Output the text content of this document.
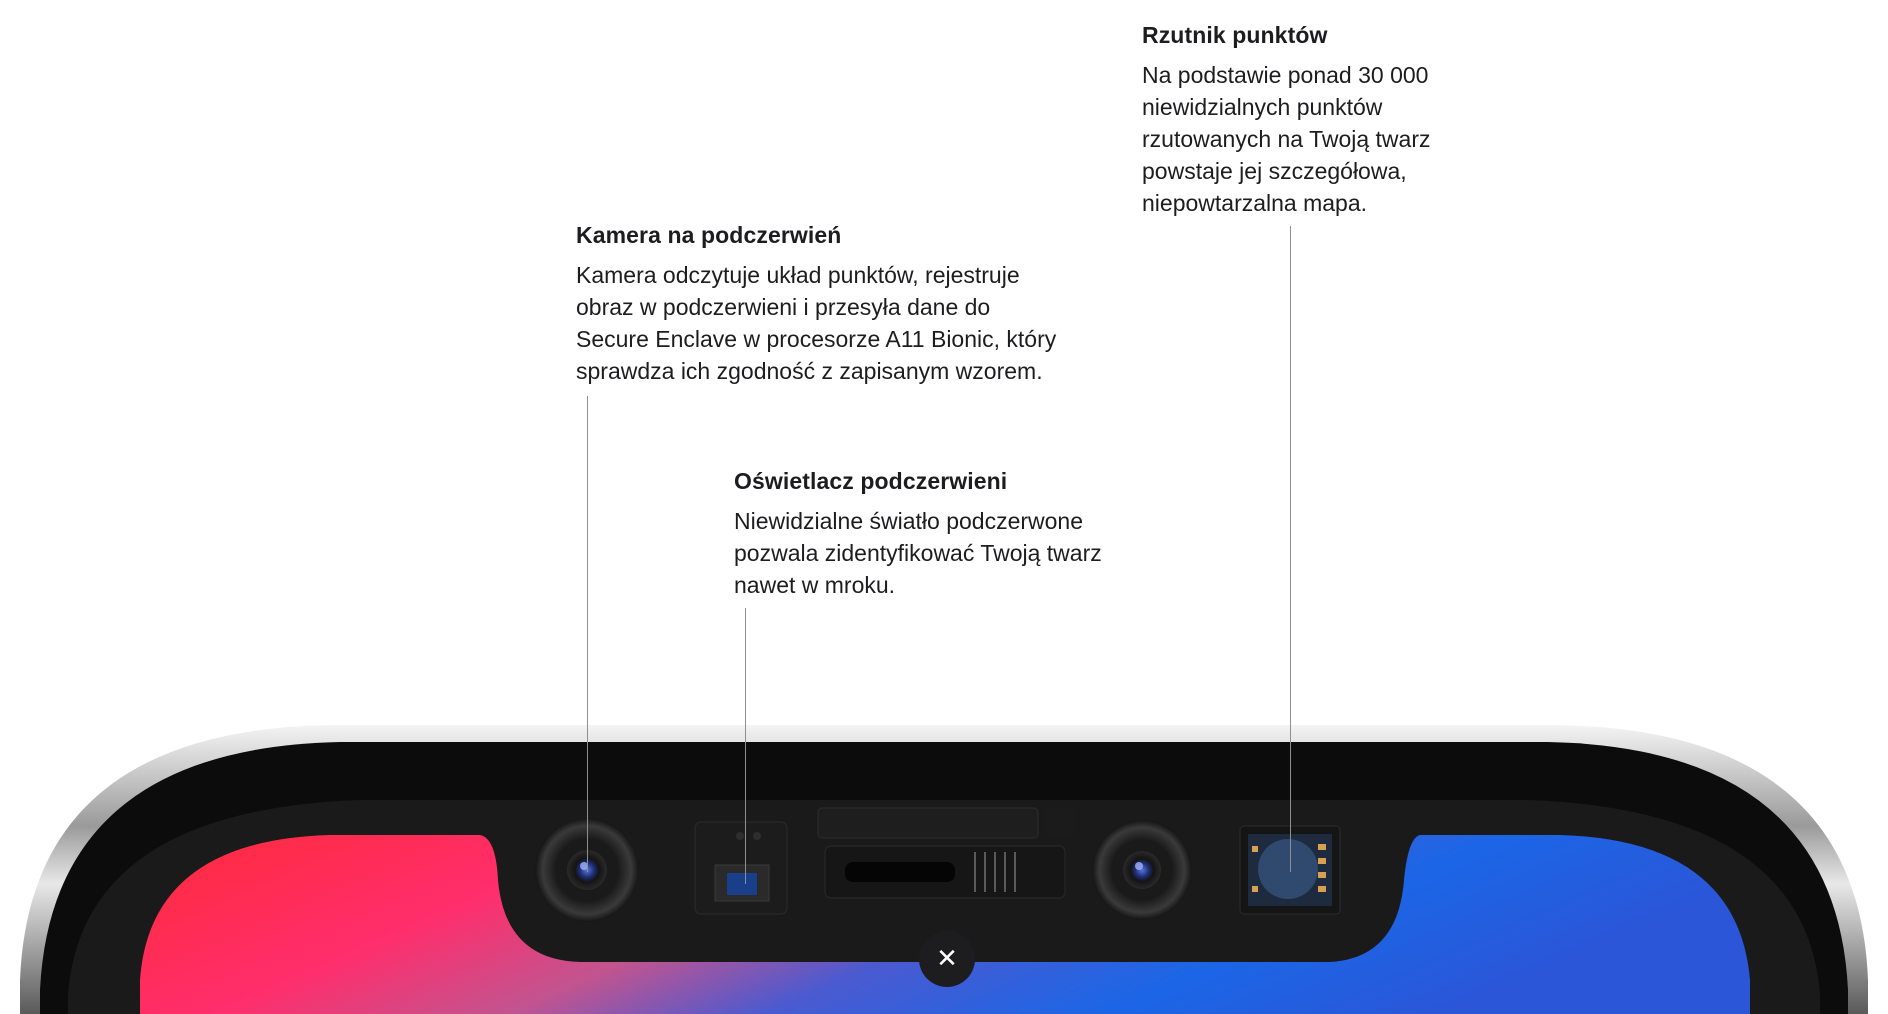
Rzutnik punktów

Na podstawie ponad 30 000
niewidzialnych punktów
rzutowanych na Twoją twarz
powstaje jej szczegółowa,
niepowtarzalna mapa.

Kamera na podczerwień

Kamera odczytuje układ punktów, rejestruje
obraz w podczerwieni i przesyła dane do
Secure Enclave w procesorze A11 Bionic, który
sprawdza ich zgodność z zapisanym wzorem.

Oświetlacz podczerwieni

Niewidzialne światło podczerwone
pozwala zidentyfikować Twoją twarz
nawet w mroku.

✕
